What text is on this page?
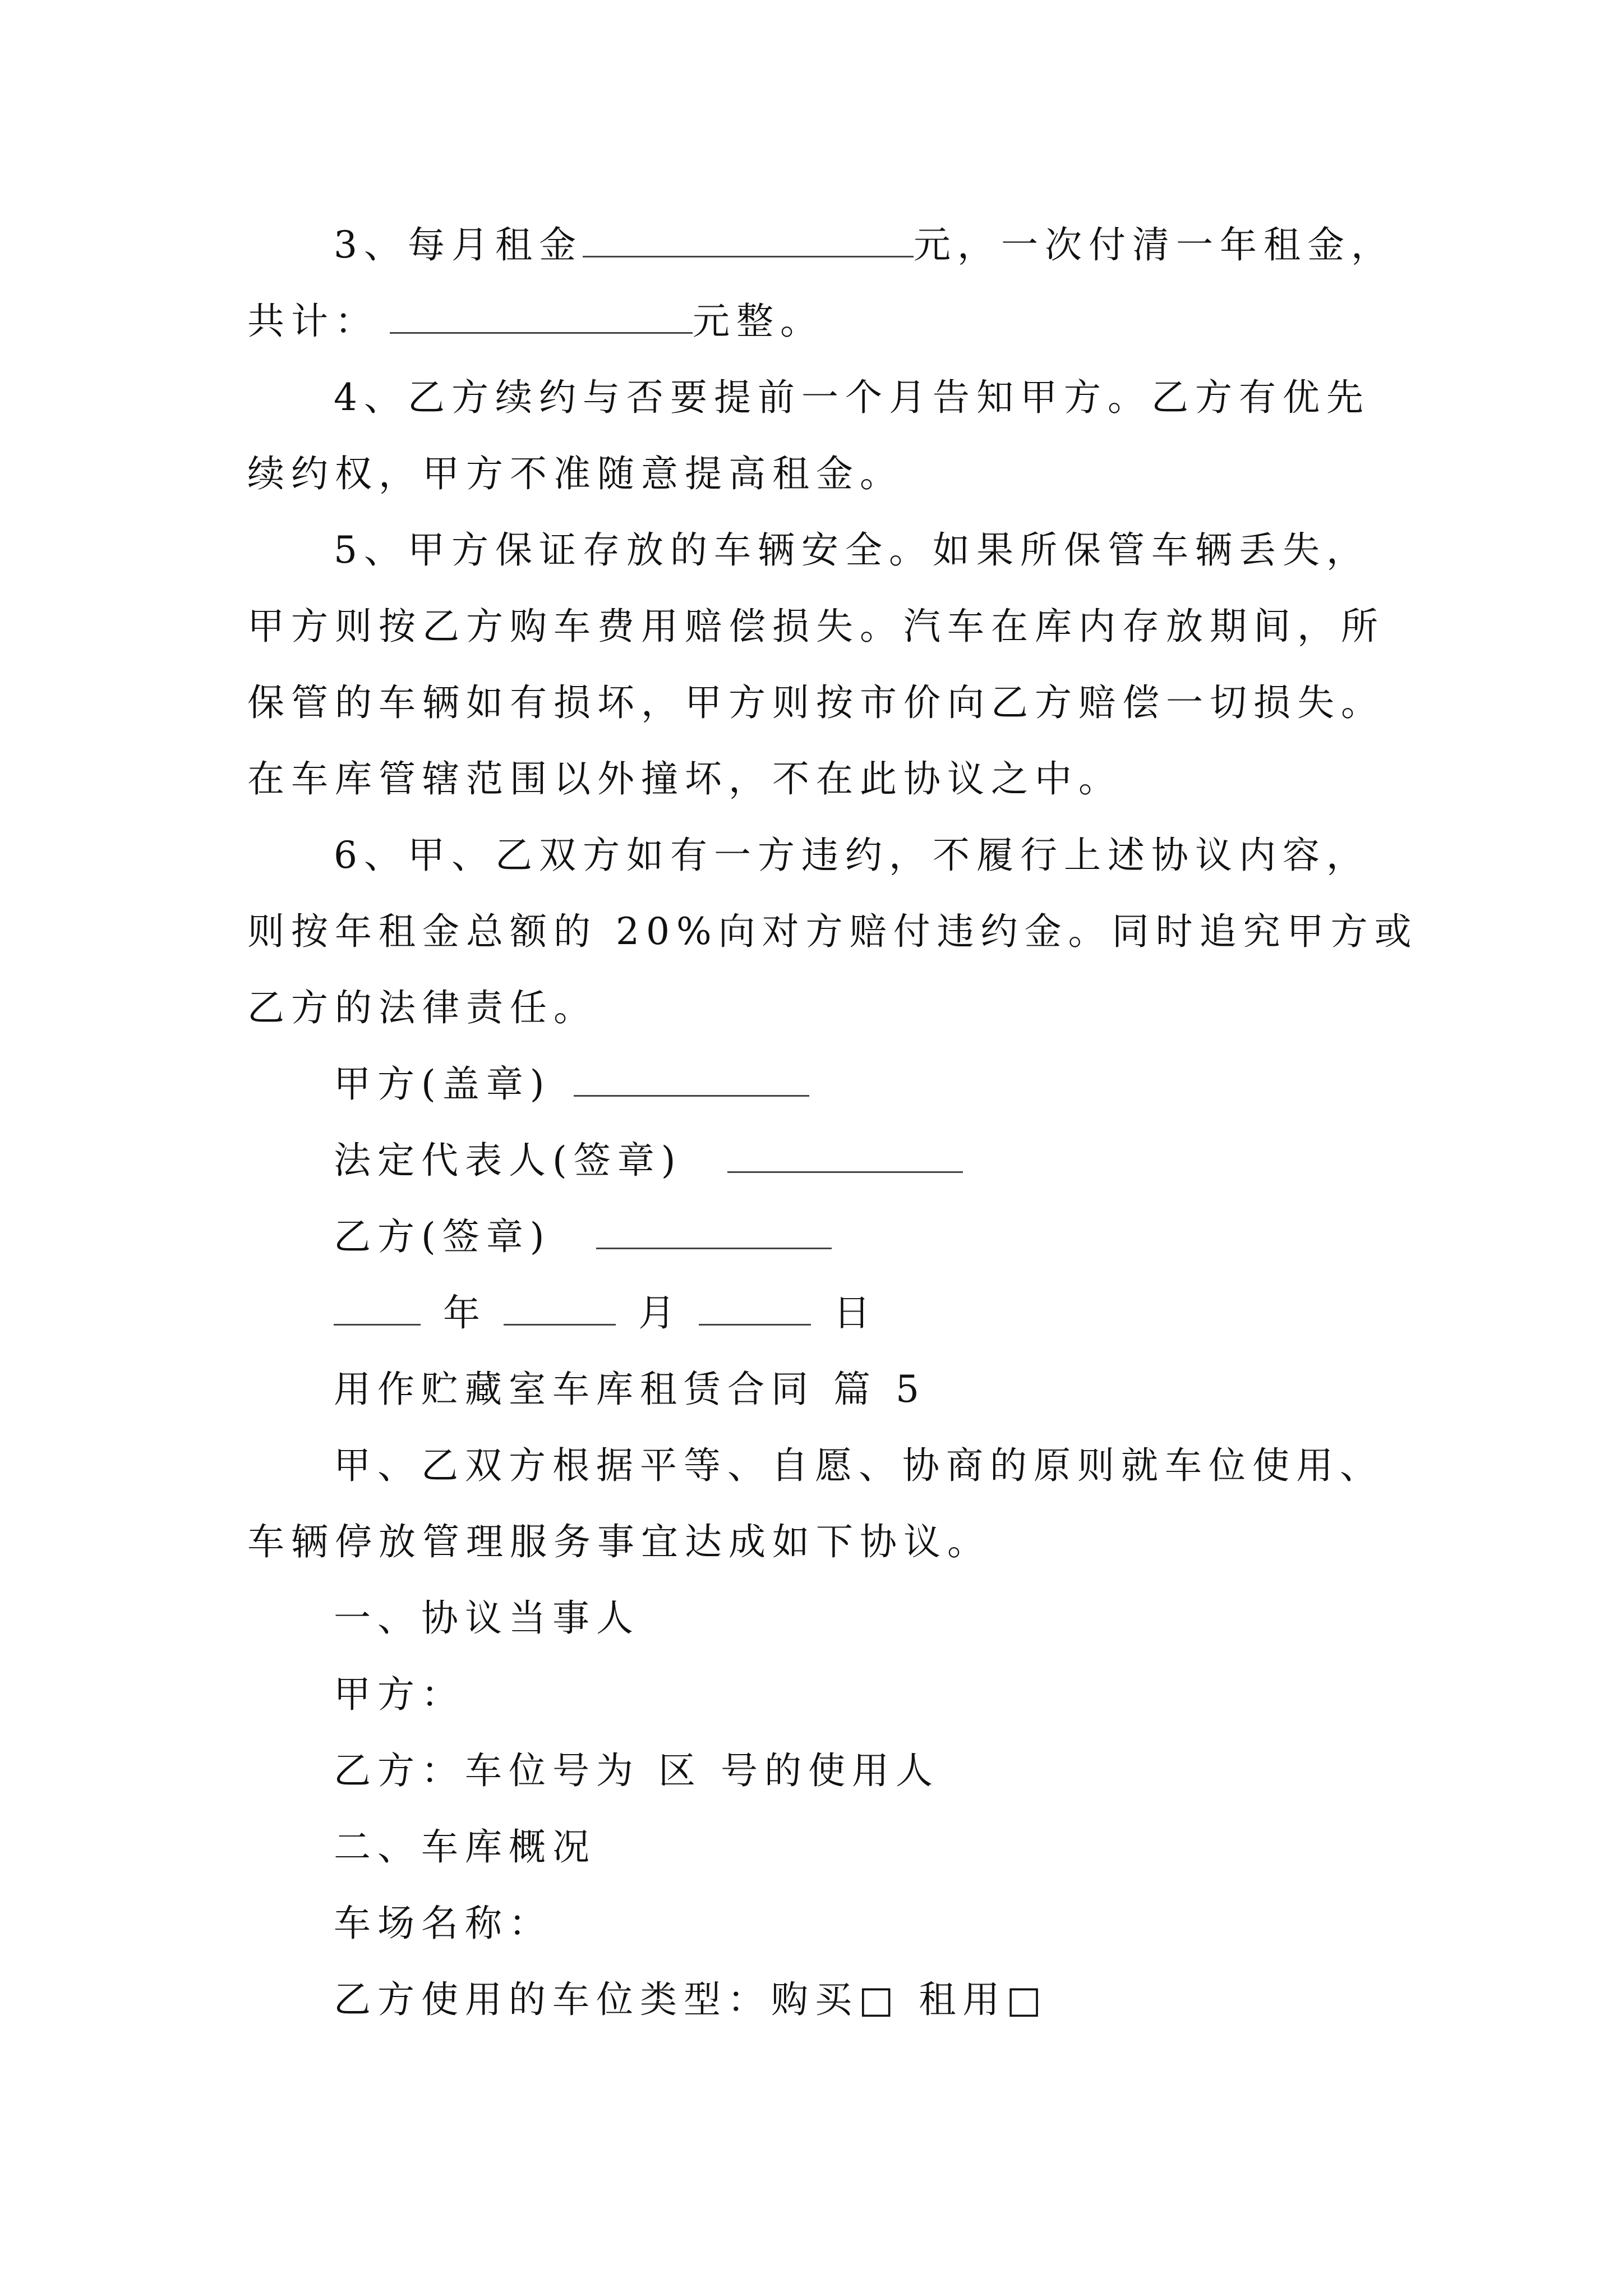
3、每月租金	元，一次付清一年租金，
共计：	元整。
4、乙方续约与否要提前一个月告知甲方。乙方有优先
续约权，甲方不准随意提高租金。
5、甲方保证存放的车辆安全。如果所保管车辆丢失，
甲方则按乙方购车费用赔偿损失。汽车在库内存放期间，所
保管的车辆如有损坏，甲方则按市价向乙方赔偿一切损失。
在车库管辖范围以外撞坏，不在此协议之中。
6、甲、乙双方如有一方违约，不履行上述协议内容，
则按年租金总额的 20%向对方赔付违约金。同时追究甲方或
乙方的法律责任。
甲方(盖章)
法定代表人(签章)
乙方(签章)
年	月	日
用作贮藏室车库租赁合同 篇 5
甲、乙双方根据平等、自愿、协商的原则就车位使用、
车辆停放管理服务事宜达成如下协议。
一、协议当事人
甲方：
乙方：车位号为 区 号的使用人
二、车库概况
车场名称：
乙方使用的车位类型：购买□ 租用□
